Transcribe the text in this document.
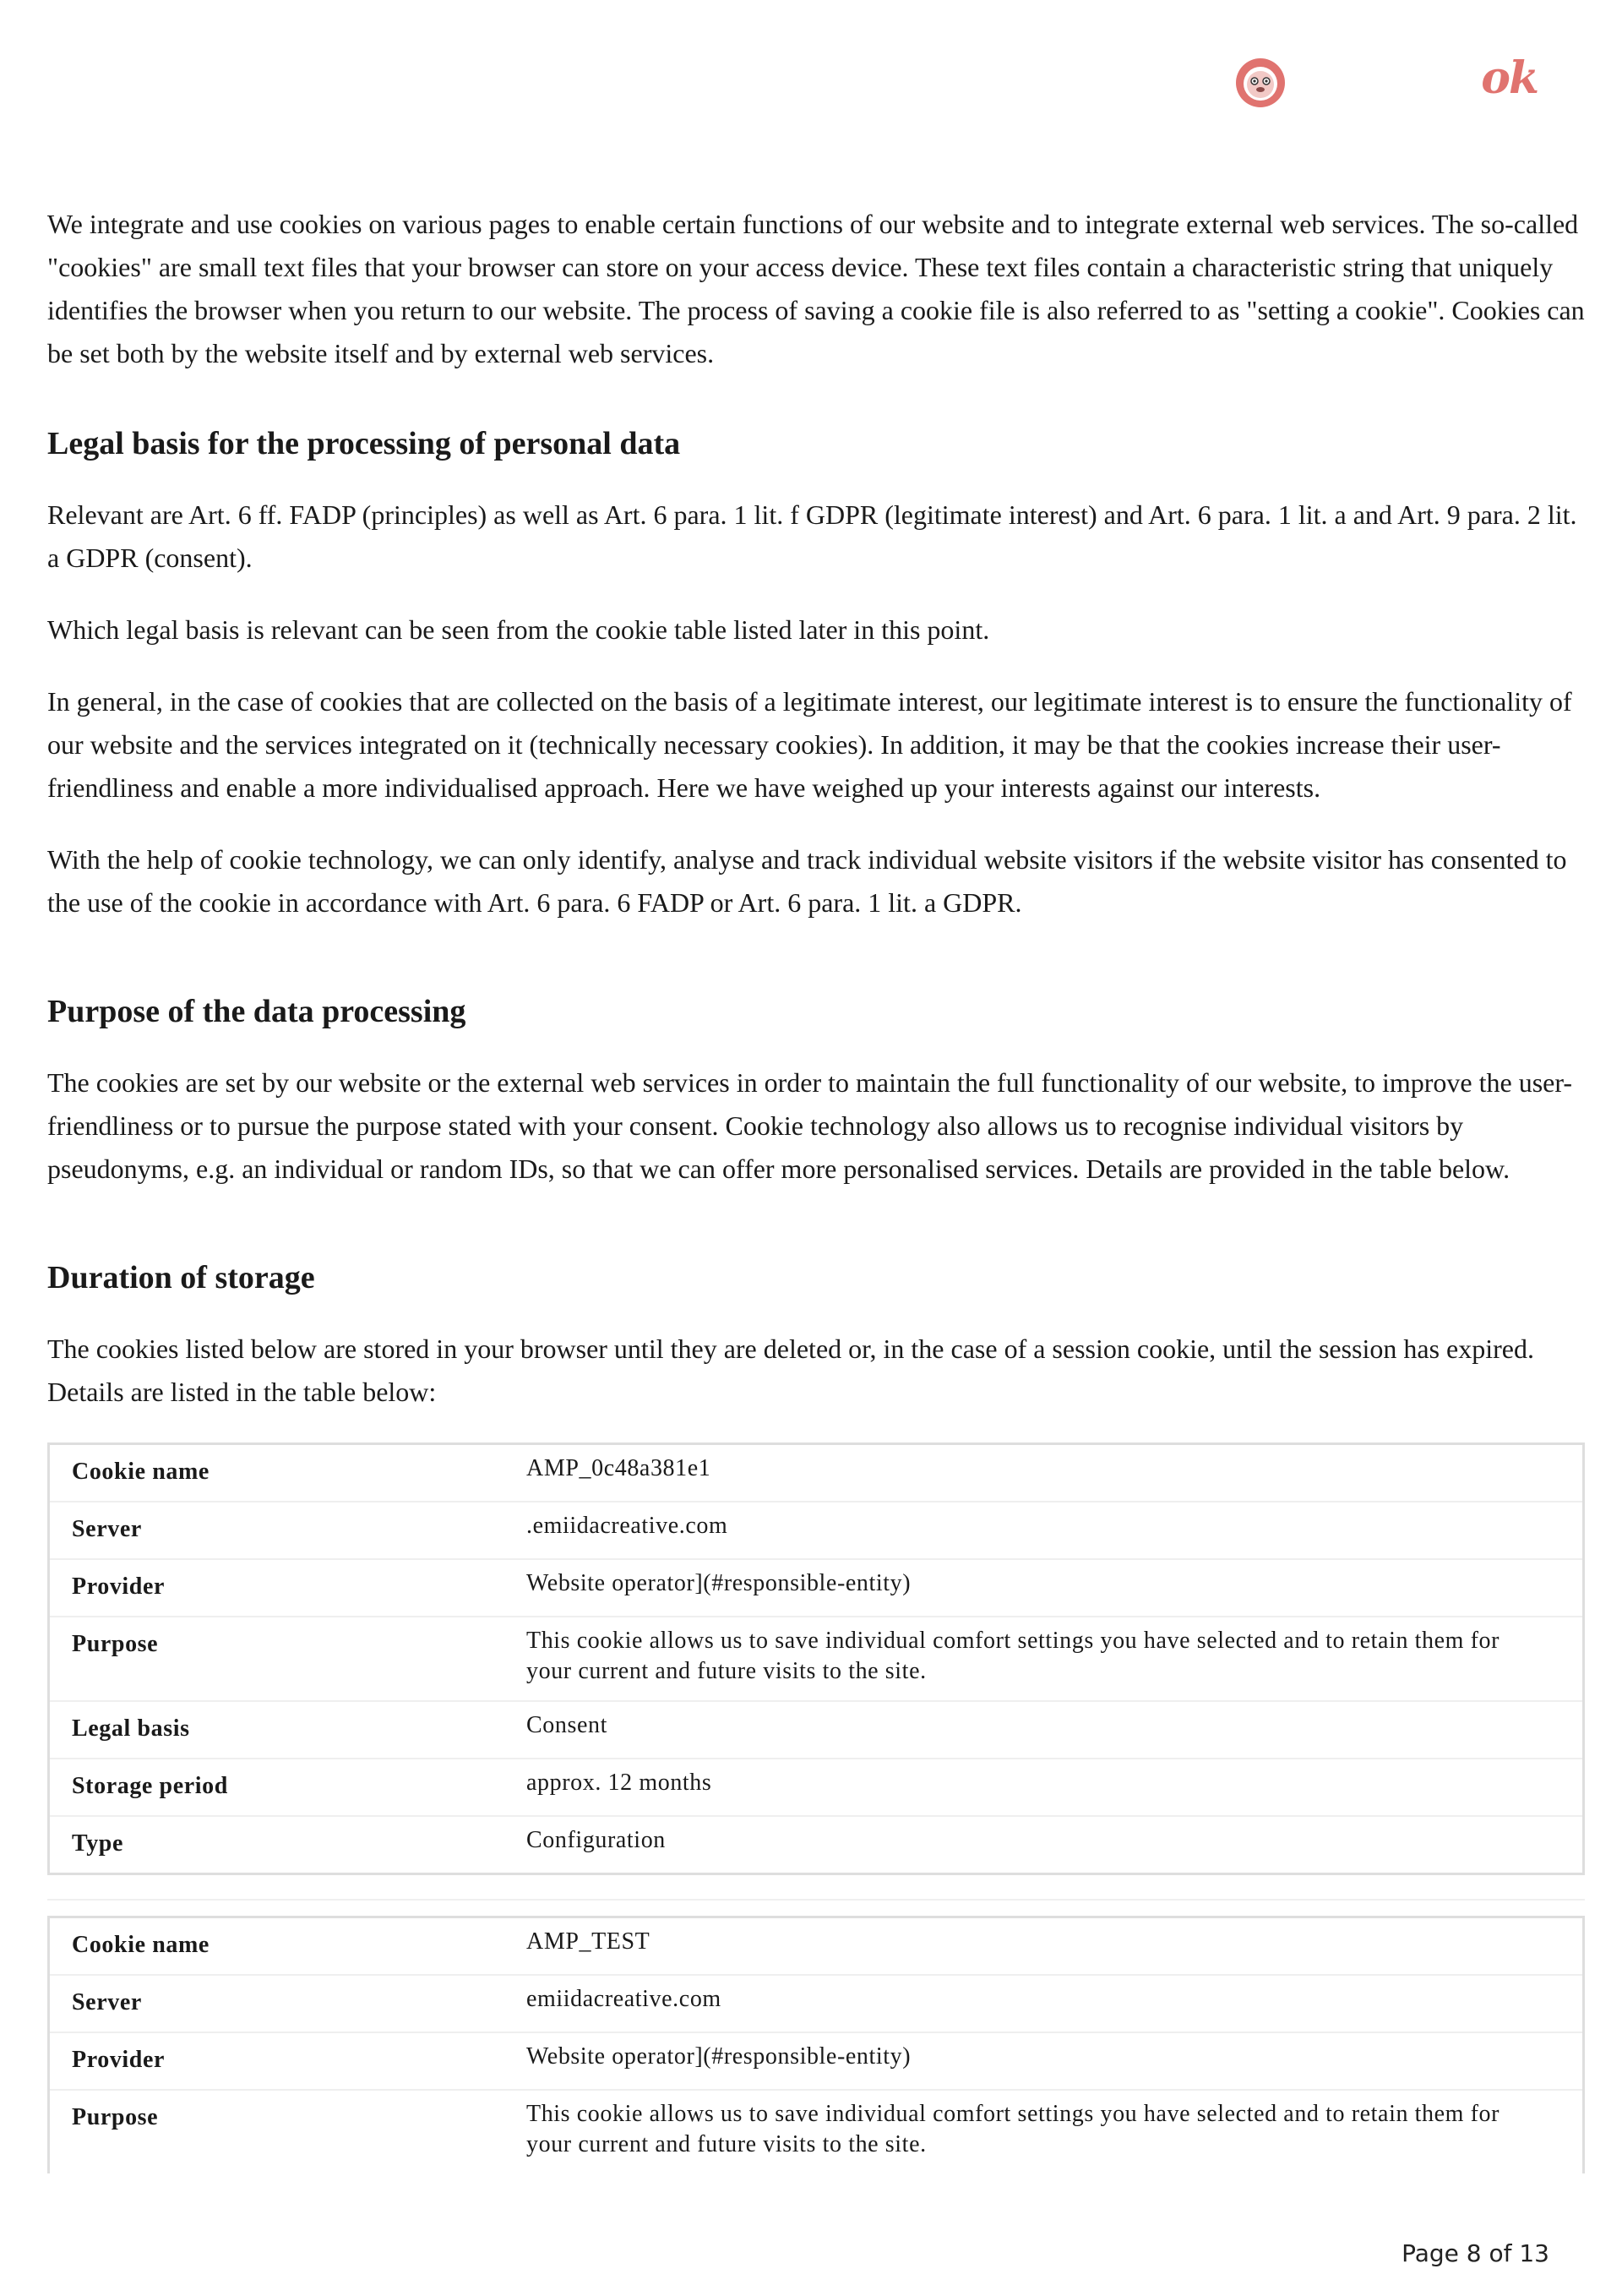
ok

We integrate and use cookies on various pages to enable certain functions of our website and to integrate external web services. The so-called "cookies" are small text files that your browser can store on your access device. These text files contain a characteristic string that uniquely identifies the browser when you return to our website. The process of saving a cookie file is also referred to as "setting a cookie". Cookies can be set both by the website itself and by external web services.

Legal basis for the processing of personal data

Relevant are Art. 6 ff. FADP (principles) as well as Art. 6 para. 1 lit. f GDPR (legitimate interest) and Art. 6 para. 1 lit. a and Art. 9 para. 2 lit. a GDPR (consent).

Which legal basis is relevant can be seen from the cookie table listed later in this point.

In general, in the case of cookies that are collected on the basis of a legitimate interest, our legitimate interest is to ensure the functionality of our website and the services integrated on it (technically necessary cookies). In addition, it may be that the cookies increase their user-friendliness and enable a more individualised approach. Here we have weighed up your interests against our interests.

With the help of cookie technology, we can only identify, analyse and track individual website visitors if the website visitor has consented to the use of the cookie in accordance with Art. 6 para. 6 FADP or Art. 6 para. 1 lit. a GDPR.

Purpose of the data processing

The cookies are set by our website or the external web services in order to maintain the full functionality of our website, to improve the user-friendliness or to pursue the purpose stated with your consent. Cookie technology also allows us to recognise individual visitors by pseudonyms, e.g. an individual or random IDs, so that we can offer more personalised services. Details are provided in the table below.

Duration of storage

The cookies listed below are stored in your browser until they are deleted or, in the case of a session cookie, until the session has expired. Details are listed in the table below:

Cookie name	AMP_0c48a381e1
Server	.emiidacreative.com
Provider	Website operator](#responsible-entity)
Purpose	This cookie allows us to save individual comfort settings you have selected and to retain them for your current and future visits to the site.
Legal basis	Consent
Storage period	approx. 12 months
Type	Configuration
Cookie name	AMP_TEST
Server	emiidacreative.com
Provider	Website operator](#responsible-entity)
Purpose	This cookie allows us to save individual comfort settings you have selected and to retain them for your current and future visits to the site.
Page 8 of 13
